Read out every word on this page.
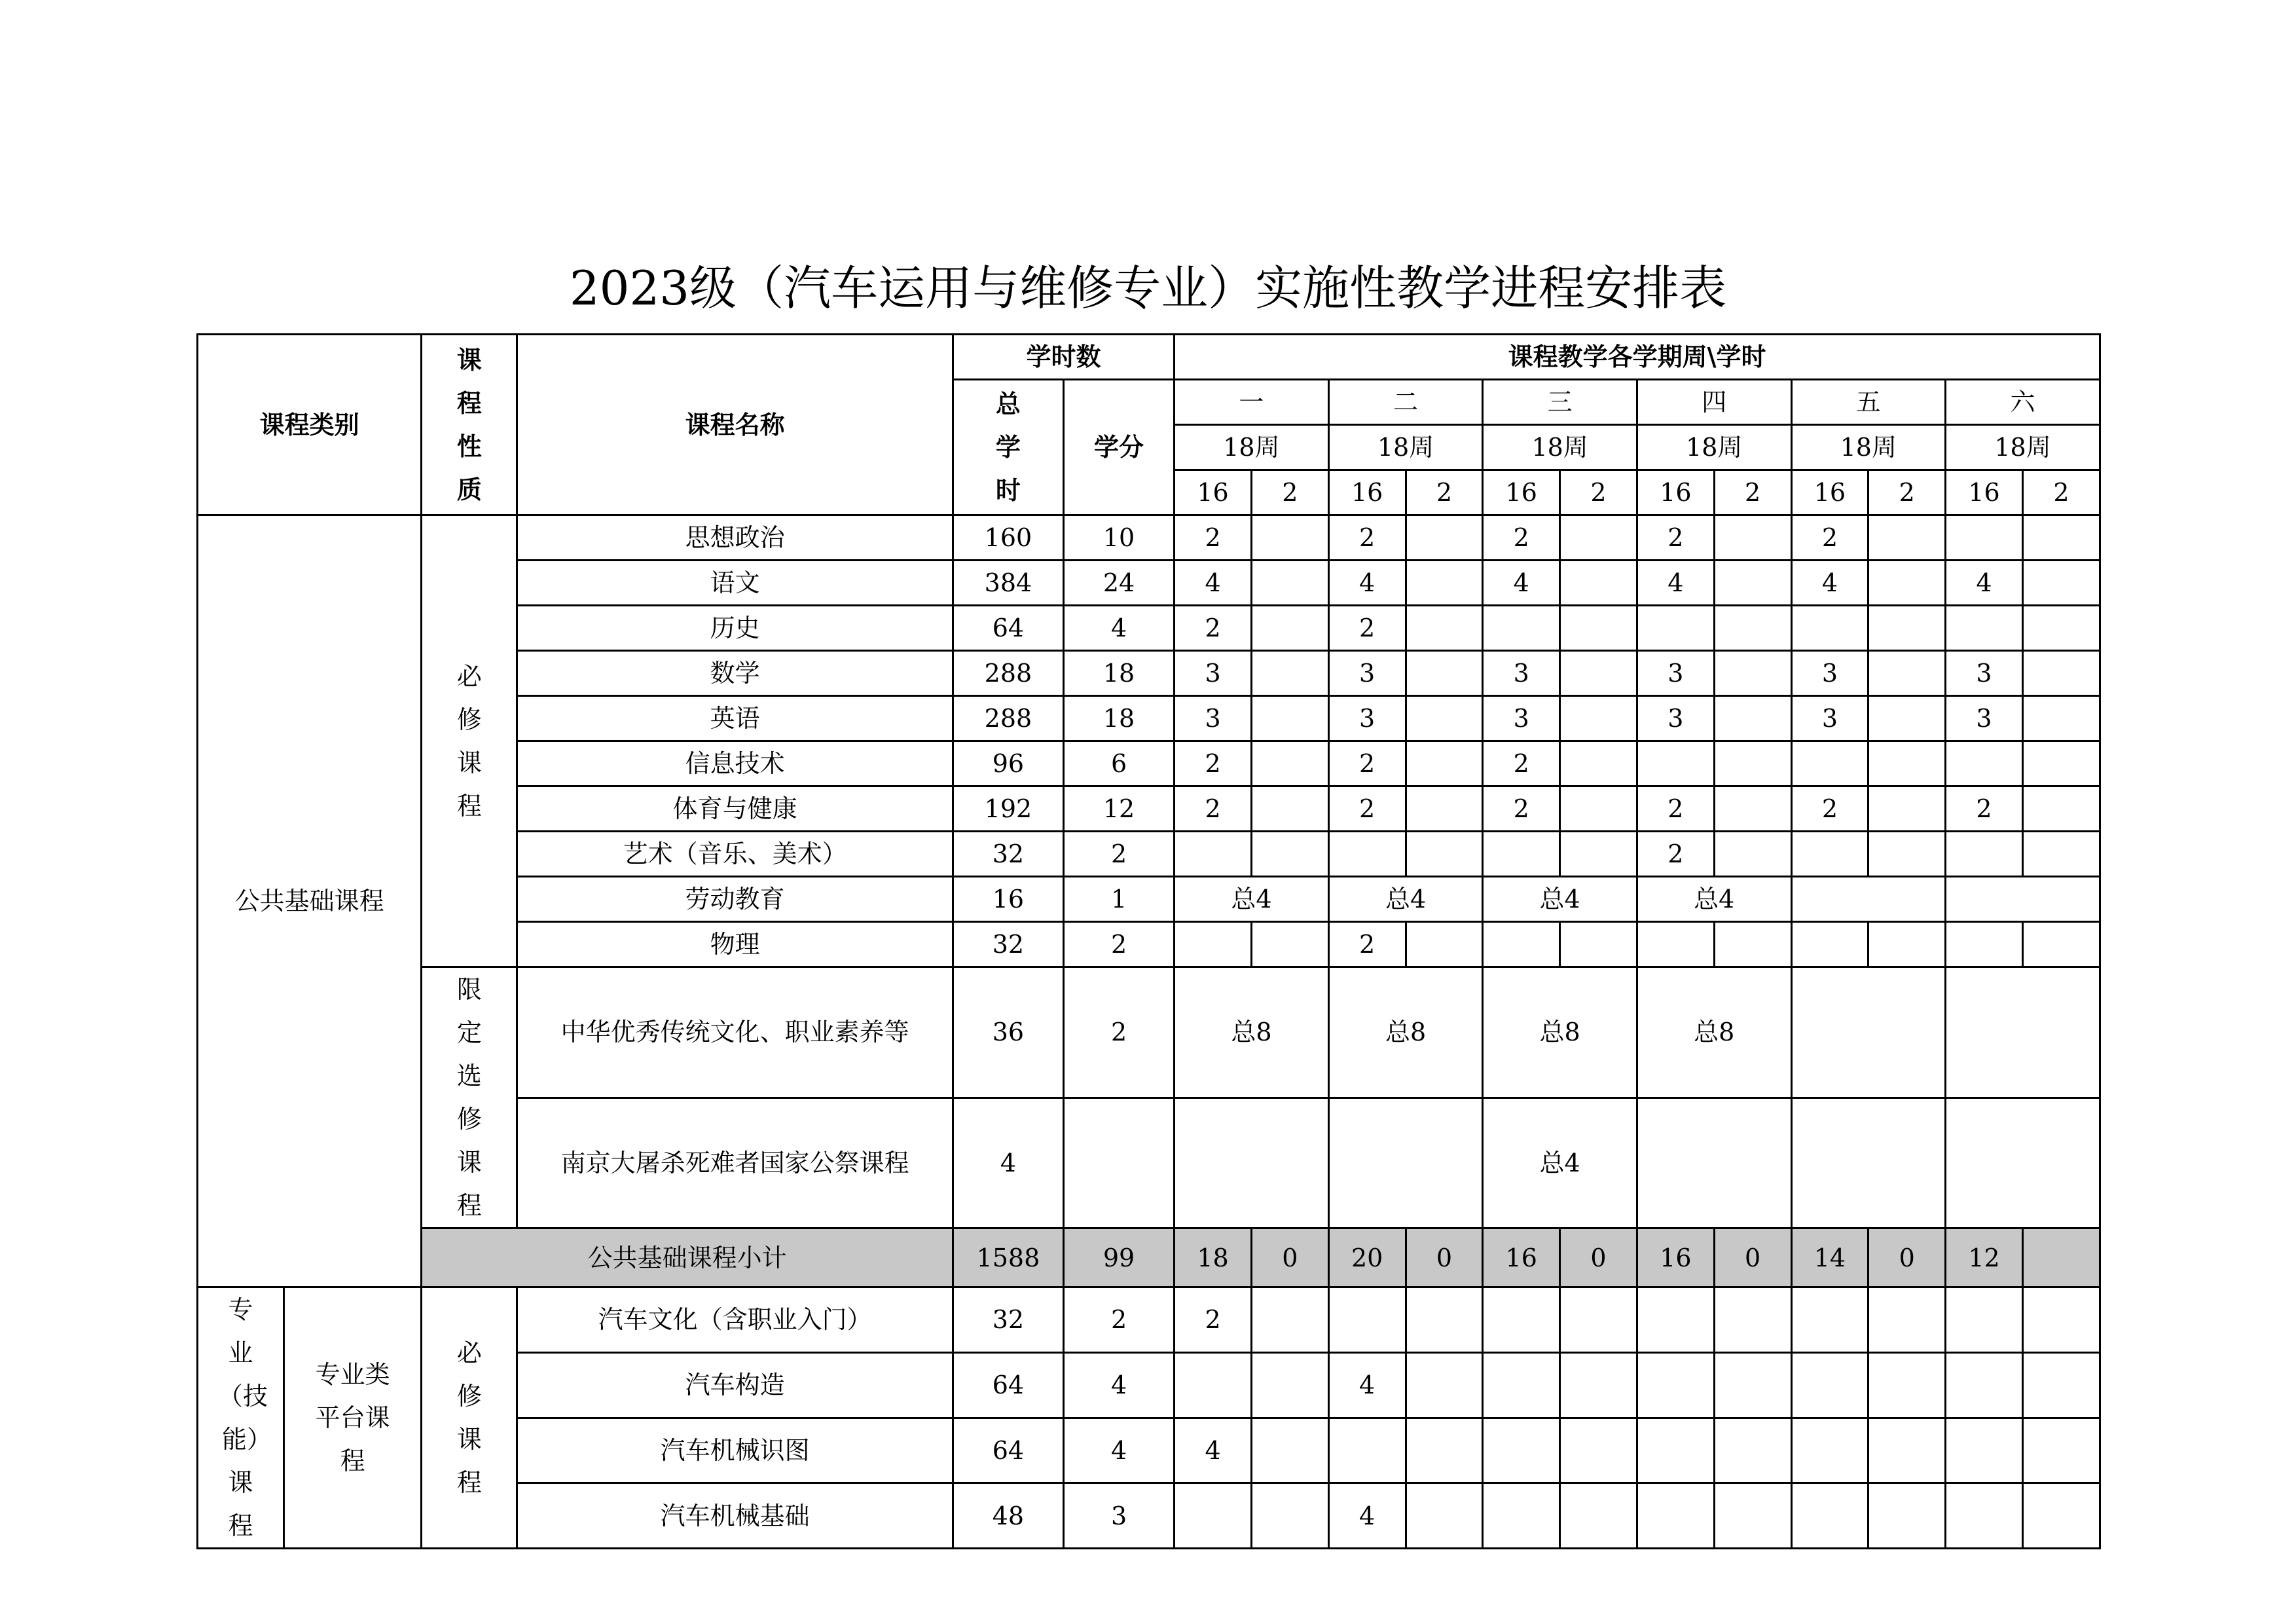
2023级（汽车运用与维修专业）实施性教学进程安排表
课程类别		课程性质	课程名称	学时数		课程教学各学期周\学时											
				总学时	学分	一		二		三		四		五		六	
						18周		18周		18周		18周		18周		18周	
						16	2	16	2	16	2	16	2	16	2	16	2
公共基础课程		必修课程	思想政治	160	10	2		2		2		2		2			
			语文	384	24	4		4		4		4		4		4	
			历史	64	4	2		2									
			数学	288	18	3		3		3		3		3		3	
			英语	288	18	3		3		3		3		3		3	
			信息技术	96	6	2		2		2							
			体育与健康	192	12	2		2		2		2		2		2	
			艺术（音乐、美术）	32	2							2					
			劳动教育	16	1	总4		总4		总4		总4					
			物理	32	2			2									
		限定选修课程	中华优秀传统文化、职业素养等	36	2	总8		总8		总8		总8					
			南京大屠杀死难者国家公祭课程	4						总4							
		公共基础课程小计		1588	99	18	0	20	0	16	0	16	0	14	0	12	
专业（技能）课程	专业类平台课程	必修课程	汽车文化（含职业入门）	32	2	2											
			汽车构造	64	4			4									
			汽车机械识图	64	4	4											
			汽车机械基础	48	3			4									
